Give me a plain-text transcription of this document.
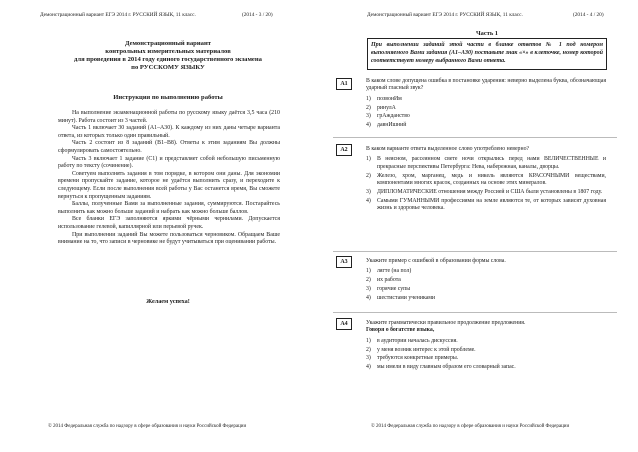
Демонстрационный вариант ЕГЭ 2014 г. РУССКИЙ ЯЗЫК, 11 класс.	(2014 - 3 / 20)
Демонстрационный вариант
контрольных измерительных материалов
для проведения в 2014 году единого государственного экзамена
по РУССКОМУ ЯЗЫКУ
Инструкция по выполнению работы

На выполнение экзаменационной работы по русскому языку даётся 3,5 часа (210 минут). Работа состоит из 3 частей.

Часть 1 включает 30 заданий (А1–А30). К каждому из них даны четыре варианта ответа, из которых только один правильный.

Часть 2 состоит из 8 заданий (В1–В8). Ответы к этим заданиям Вы должны сформулировать самостоятельно.

Часть 3 включает 1 задание (С1) и представляет собой небольшую письменную работу по тексту (сочинение).

Советуем выполнять задания в том порядке, в котором они даны. Для экономии времени пропускайте задание, которое не удаётся выполнить сразу, и переходите к следующему. Если после выполнения всей работы у Вас останется время, Вы сможете вернуться к пропущенным заданиям.

Баллы, полученные Вами за выполненные задания, суммируются. Постарайтесь выполнить как можно больше заданий и набрать как можно больше баллов.

Все бланки ЕГЭ заполняются яркими чёрными чернилами. Допускается использование гелевой, капиллярной или перьевой ручек.

При выполнении заданий Вы можете пользоваться черновиком. Обращаем Ваше внимание на то, что записи в черновике не будут учитываться при оценивании работы.

Желаем успеха!
© 2014 Федеральная служба по надзору в сфере образования и науки Российской Федерации
Демонстрационный вариант ЕГЭ 2014 г. РУССКИЙ ЯЗЫК, 11 класс.	(2014 - 4 / 20)
Часть 1
При выполнении заданий этой части в бланке ответов № 1 под номером выполняемого Вами задания (А1–А30) поставьте знак «×» в клеточке, номер которой соответствует номеру выбранного Вами ответа.
А1	В каком слове допущена ошибка в постановке ударения: неверно выделена буква, обозначающая ударный гласный звук?
1) позвонИм
2) ринулА
3) грАжданство
4) давнИшний
А2	В каком варианте ответа выделенное слово употреблено неверно?
1) В неясном, рассеянном свете ночи открылись перед нами ВЕЛИЧЕСТВЕННЫЕ и прекрасные перспективы Петербурга: Нева, набережная, каналы, дворцы.
2) Железо, хром, марганец, медь и никель являются КРАСОЧНЫМИ веществами, компонентами многих красок, созданных на основе этих минералов.
3) ДИПЛОМАТИЧЕСКИЕ отношения между Россией и США были установлены в 1807 году.
4) Самыми ГУМАННЫМИ профессиями на земле являются те, от которых зависят духовная жизнь и здоровье человека.
А3	Укажите пример с ошибкой в образовании формы слова.
1) лягте (на пол)
2) их работа
3) горячие супы
4) шестистами учениками
А4	Укажите грамматически правильное продолжение предложения.
Говоря о богатстве языка,
1) в аудитории началась дискуссия.
2) у меня возник интерес к этой проблеме.
3) требуются конкретные примеры.
4) мы имели в виду главным образом его словарный запас.
© 2014 Федеральная служба по надзору в сфере образования и науки Российской Федерации
